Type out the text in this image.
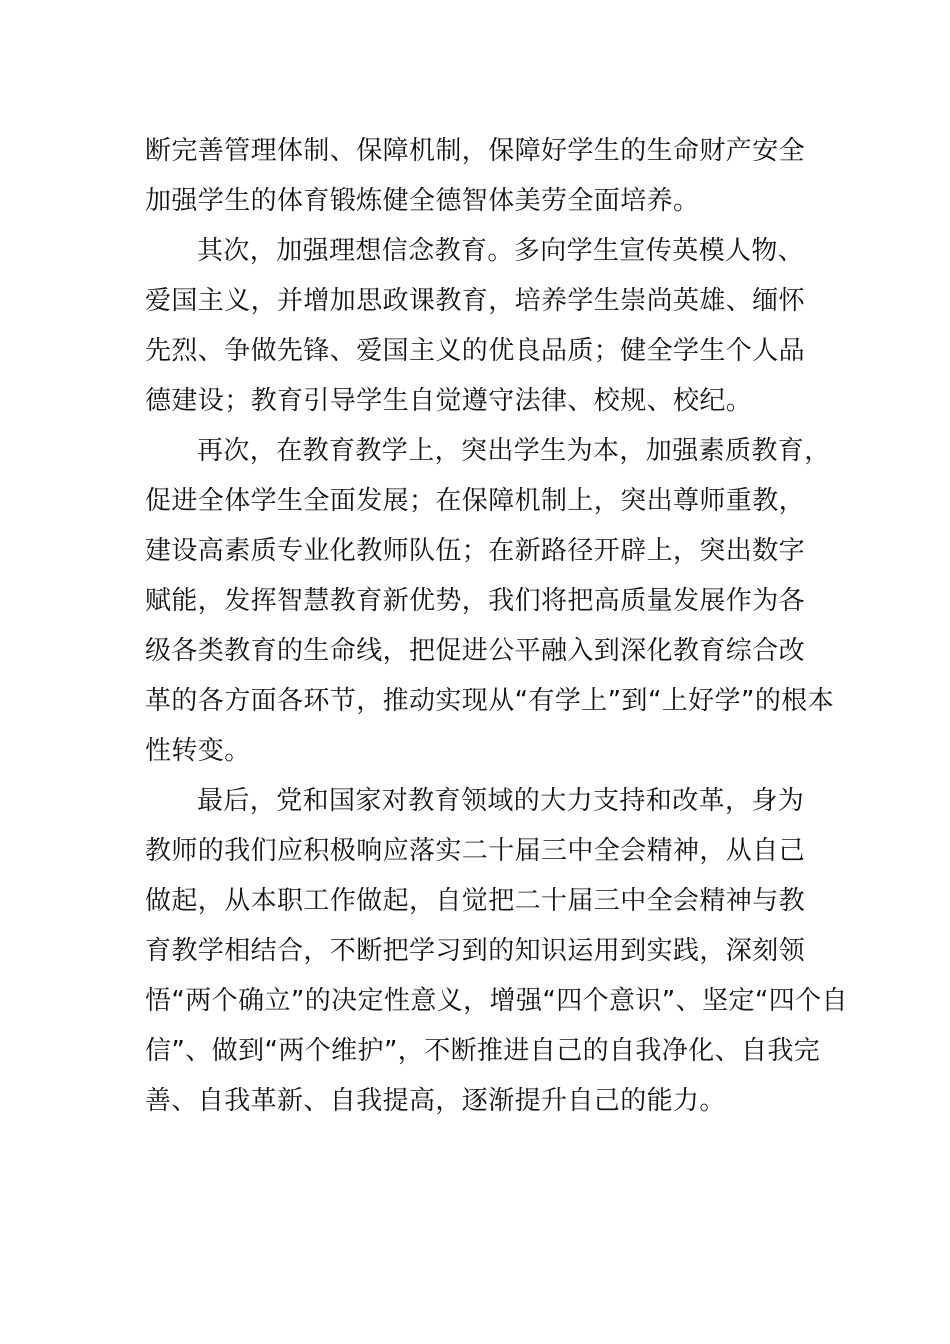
断完善管理体制、保障机制，保障好学生的生命财产安全
加强学生的体育锻炼健全德智体美劳全面培养。
其次，加强理想信念教育。多向学生宣传英模人物、
爱国主义，并增加思政课教育，培养学生崇尚英雄、缅怀
先烈、争做先锋、爱国主义的优良品质；健全学生个人品
德建设；教育引导学生自觉遵守法律、校规、校纪。
再次，在教育教学上，突出学生为本，加强素质教育，
促进全体学生全面发展；在保障机制上，突出尊师重教，
建设高素质专业化教师队伍；在新路径开辟上，突出数字
赋能，发挥智慧教育新优势，我们将把高质量发展作为各
级各类教育的生命线，把促进公平融入到深化教育综合改
革的各方面各环节，推动实现从“有学上”到“上好学”的根本
性转变。
最后，党和国家对教育领域的大力支持和改革，身为
教师的我们应积极响应落实二十届三中全会精神，从自己
做起，从本职工作做起，自觉把二十届三中全会精神与教
育教学相结合，不断把学习到的知识运用到实践，深刻领
悟“两个确立”的决定性意义，增强“四个意识”、坚定“四个自
信”、做到“两个维护”，不断推进自己的自我净化、自我完
善、自我革新、自我提高，逐渐提升自己的能力。
